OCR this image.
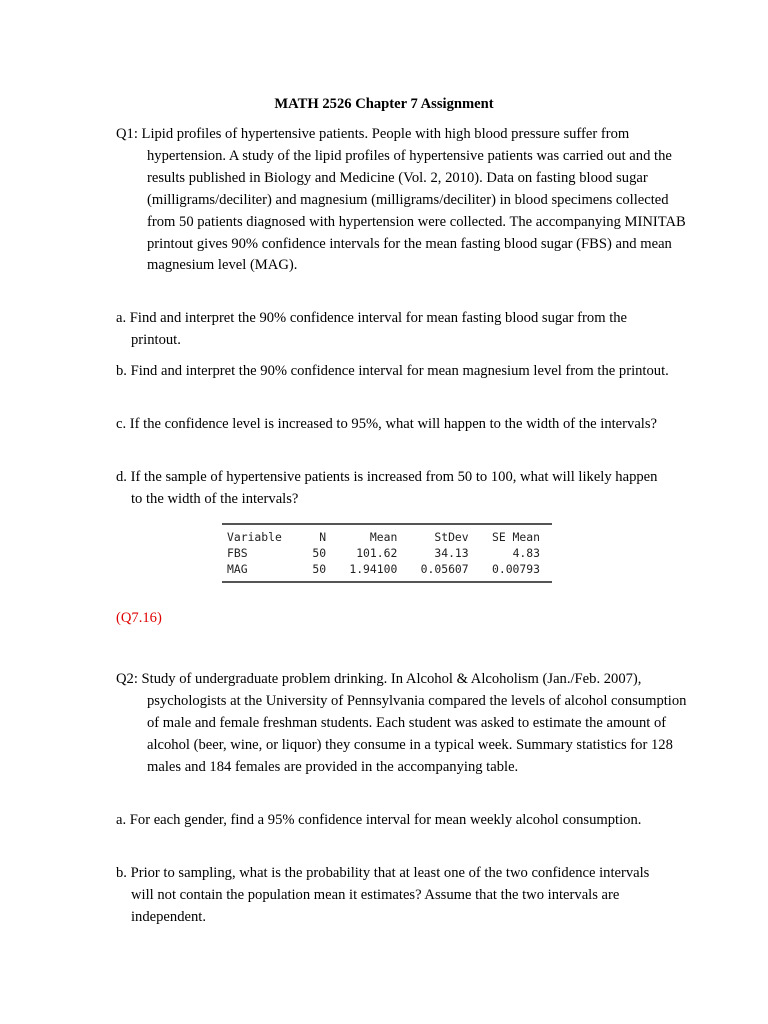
MATH 2526 Chapter 7 Assignment

Q1: Lipid profiles of hypertensive patients. People with high blood pressure suffer from hypertension. A study of the lipid profiles of hypertensive patients was carried out and the results published in Biology and Medicine (Vol. 2, 2010). Data on fasting blood sugar (milligrams/deciliter) and magnesium (milligrams/deciliter) in blood specimens collected from 50 patients diagnosed with hypertension were collected. The accompanying MINITAB printout gives 90% confidence intervals for the mean fasting blood sugar (FBS) and mean magnesium level (MAG).

a. Find and interpret the 90% confidence interval for mean fasting blood sugar from the printout.

b. Find and interpret the 90% confidence interval for mean magnesium level from the printout.

c. If the confidence level is increased to 95%, what will happen to the width of the intervals?

d. If the sample of hypertensive patients is increased from 50 to 100, what will likely happen to the width of the intervals?

Variable	N	Mean	StDev	SE Mean
FBS	50	101.62	34.13	4.83
MAG	50	1.94100	0.05607	0.00793

(Q7.16)

Q2: Study of undergraduate problem drinking. In Alcohol & Alcoholism (Jan./Feb. 2007), psychologists at the University of Pennsylvania compared the levels of alcohol consumption of male and female freshman students. Each student was asked to estimate the amount of alcohol (beer, wine, or liquor) they consume in a typical week. Summary statistics for 128 males and 184 females are provided in the accompanying table.

a. For each gender, find a 95% confidence interval for mean weekly alcohol consumption.

b. Prior to sampling, what is the probability that at least one of the two confidence intervals will not contain the population mean it estimates? Assume that the two intervals are independent.
